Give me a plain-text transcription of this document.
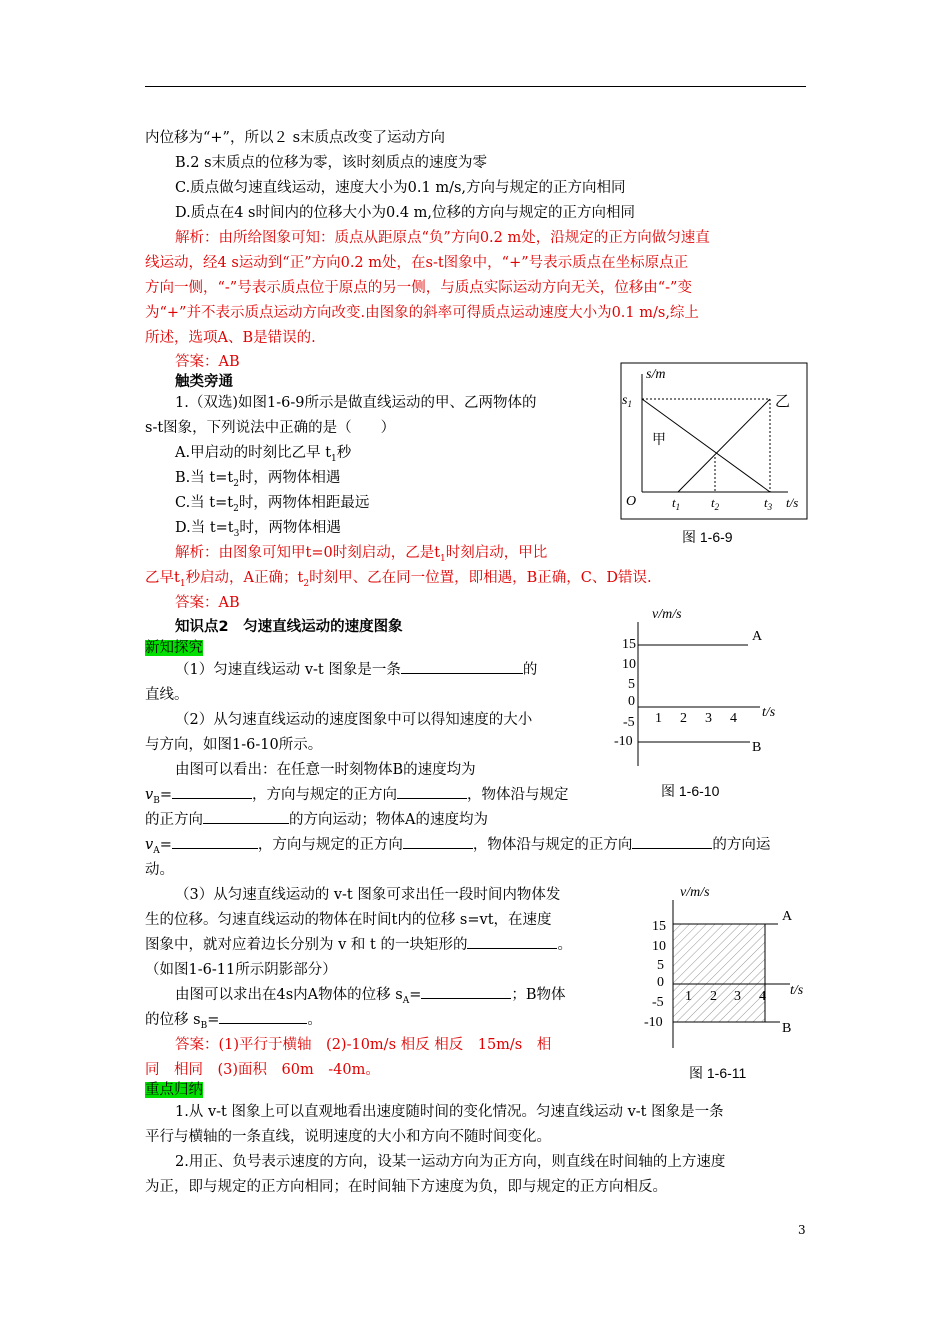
内位移为“+”，所以２ s末质点改变了运动方向
B.2 s末质点的位移为零，该时刻质点的速度为零
C.质点做匀速直线运动，速度大小为0.1 m/s,方向与规定的正方向相同
D.质点在4 s时间内的位移大小为0.4 m,位移的方向与规定的正方向相同
解析：由所给图象可知：质点从距原点“负”方向0.2 m处，沿规定的正方向做匀速直
线运动，经4 s运动到“正”方向0.2 m处，在s-t图象中，“+”号表示质点在坐标原点正
方向一侧，“-”号表示质点位于原点的另一侧，与质点实际运动方向无关，位移由“-”变
为“+”并不表示质点运动方向改变.由图象的斜率可得质点运动速度大小为0.1 m/s,综上
所述，选项A、B是错误的.
答案：AB
触类旁通
1.（双选)如图1-6-9所示是做直线运动的甲、乙两物体的
s-t图象，下列说法中正确的是（　　）
A.甲启动的时刻比乙早 $t_1$秒
B.当 $t=t_2$时，两物体相遇
C.当 $t=t_2$时，两物体相距最远
D.当 $t=t_3$时，两物体相遇
解析：由图象可知甲t=0时刻启动，乙是$t_1$时刻启动，甲比
乙早$t_1$秒启动，A正确；$t_2$时刻甲、乙在同一位置，即相遇，B正确，C、D错误.
答案：AB
知识点2　匀速直线运动的速度图象
新知探究
（1）匀速直线运动 v-t 图象是一条	的
直线。
（2）从匀速直线运动的速度图象中可以得知速度的大小
与方向，如图1-6-10所示。
由图可以看出：在任意一时刻物体B的速度均为
$v_B=$	，方向与规定的正方向	，物体沿与规定
的正方向	的方向运动；物体A的速度均为
$v_A=$	，方向与规定的正方向	，物体沿与规定的正方向	的方向运
动。
（3）从匀速直线运动的 v-t 图象可求出任一段时间内物体发
生的位移。匀速直线运动的物体在时间t内的位移 s=vt，在速度
图象中，就对应着边长分别为 v 和 t 的一块矩形的	。
（如图1-6-11所示阴影部分）
由图可以求出在4s内A物体的位移 $s_A=$	；B物体
的位移 $s_B=$	。
答案：(1)平行于横轴　(2)-10m/s 相反 相反　15m/s　相
同　相同　(3)面积　60m　-40m。
重点归纳
1.从 v-t 图象上可以直观地看出速度随时间的变化情况。匀速直线运动 v-t 图象是一条
平行与横轴的一条直线，说明速度的大小和方向不随时间变化。
2.用正、负号表示速度的方向，设某一运动方向为正方向，则直线在时间轴的上方速度
为正，即与规定的正方向相同；在时间轴下方速度为负，即与规定的正方向相反。
s/m
$s_1$	乙
甲
O	$t_1$ $t_2$	$t_3$ t/s
图 1-6-9
v/m/s
A
B
15
10
5
0
-5
-10
1 2 3 4 t/s
图 1-6-10
v/m/s
A
B
15
10
5
0
-5
-10
1 2 3 4 t/s
图 1-6-11
3
